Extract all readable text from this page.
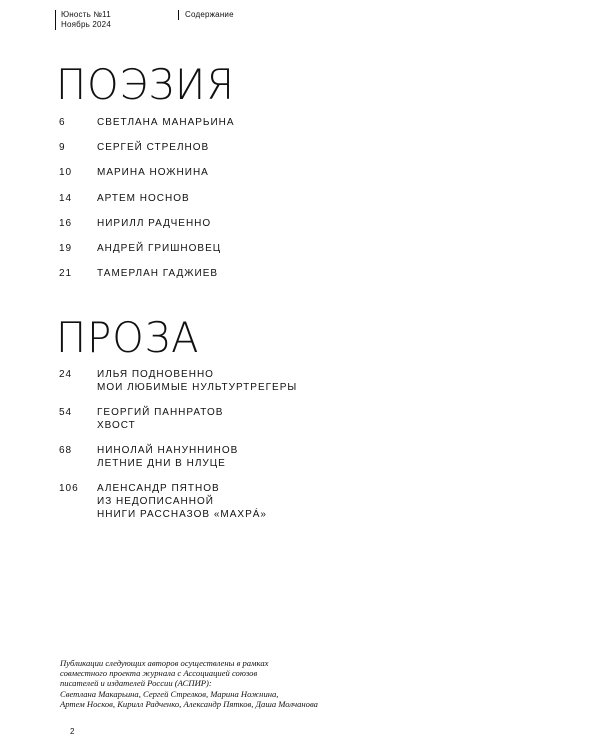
Юность №11
Ноябрь 2024
Содержание
ПОЭЗИЯ
6	СВЕТЛАНА МАНАРЬИНА
9	СЕРГЕЙ СТРЕЛНОВ
10	МАРИНА НОЖНИНА
14	АРТЕМ НОСНОВ
16	НИРИЛЛ РАДЧЕННО
19	АНДРЕЙ ГРИШНОВЕЦ
21	ТАМЕРЛАН ГАДЖИЕВ
ПРОЗА
24	ИЛЬЯ ПОДНОВЕННО
МОИ ЛЮБИМЫЕ НУЛЬТУРТРЕГЕРЫ
54	ГЕОРГИЙ ПАННРАТОВ
ХВОСТ
68	НИНОЛАЙ НАНУННИНОВ
ЛЕТНИЕ ДНИ В НЛУЦЕ
106	АЛЕНСАНДР ПЯТНОВ
ИЗ НЕДОПИСАННОЙ
ННИГИ РАССНАЗОВ «МАХРÁ»
Публикации следующих авторов осуществлены в рамках
совместного проекта журнала с Ассоциацией союзов
писателей и издателей России (АСПИР):
Светлана Макарьина, Сергей Стрелков, Марина Ножнина,
Артем Носков, Кирилл Радченко, Александр Пятков, Даша Молчанова
2
